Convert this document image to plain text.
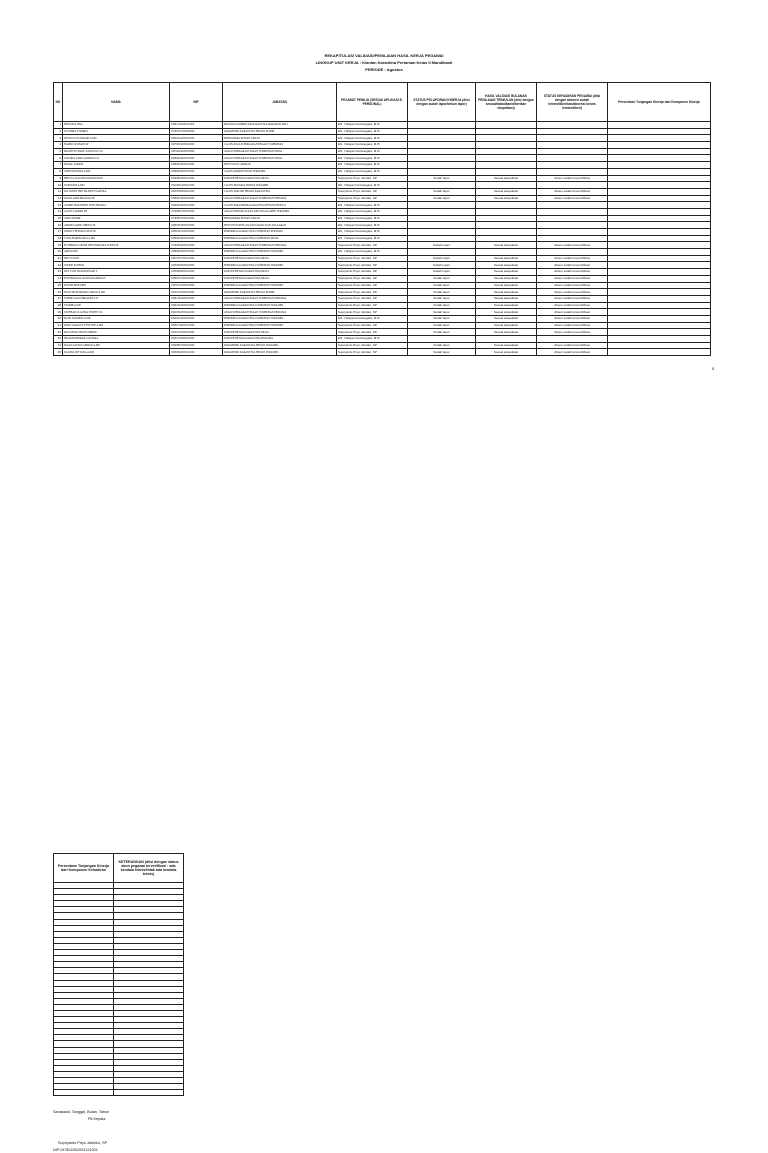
REKAPITULASI VALIDASI/PENILAIAN HASIL KERJA PEGAWAI
LINGKUP UNIT KERJA : Klanian Karantina Pertanian Kelas II Mandikasti
PERIODE : Agustus
NO	NAMA	NIP	JABATAN	PEJABAT PENILAI (SESUAI APLIKASI E-PERSONAL)	STATUS PELAPORAN KINERJA (diisi dengan sudah lapor/belum lapor)	HASIL VALIDASI BULANAN PENILAIAN TRIWULAN (diisi dengan sesuai/diabaikan/diberikan ekspektasi)	STATUS KEHADIRAN PEGAWAI (diisi dengan absensi sudah lemen/diberikan/absensi belum lemen/diberi)	Persentase Tunjangan Kinerja dari Komponen Kinerja
1	HEFANDA SINA	198011232005011000	PRANATA SUMBER DAYA MANUSIA APARATUR AHLI	EN. I Wayan Kertanegara, M.Pi				
2	SUCIHRIA SYAHRIA	197903172005042000	PARAMEDIK KARANTINA HEWAN MAHIR	EN. I Wayan Kertanegara, M.Pi				
3	RETNO WULANDARI A.MD	198205242005012000	BENDAHARA PENGELUARAN	EN. I Wayan Kertanegara, M.Pi				
4	HAMID ZULHADI SP	198708232005010000	CALON ANALIS PERKARANTINAAN TUMBUHAN	EN. I Wayan Kertanegara, M.Pi				
5	PRASETYO BAYU SANTOSO S.Si	198706242005010000	ANALIS PERKARANTINAAN TUMBUHAN MUDA	EN. I Wayan Kertanegara, M.Pi				
6	SANTRIA LOBA SAMOTA S.Si	198806242005012000	ANALIS PERKARANTINAAN TUMBUHAN MUDA	EN. I Wayan Kertanegara, M.Pi				
7	FAISAL SARJON	198809232005010000	PENYUSUN LAPORAN	EN. I Wayan Kertanegara, M.Pi				
8	ADHI WINARTO A.MD	199006042005010000	CALON ADMINISTRASI TERAMPIL	EN. I Wayan Kertanegara, M.Pi				
9	BEKTI A. KASTINA HANDAYANI	199008042005012000	DOKTER HEWAN KARANTINA MUDA	Supriyanto Priyo Jatmiko, SP	Sudah lapor	Sesuai ekspektasi	Absen sudah lemen/dibuat	
10	NURYANTI A.MD	199106012005012000	CALON PRANATA HUMAS TERAMPIL	EN. I Wayan Kertanegara, M.Pi				
11	Drh. RINDY PRITHA DEWI SARTIKA	199305082005012000	CALON DOKTER HEWAN KARANTINA	Supriyanto Priyo Jatmiko, SP	Sudah lapor	Sesuai ekspektasi	Absen sudah lemen/dibuat	
12	DIANA AMIE PRASOJA SP	199408152005012000	ANALIS PERKARANTINAAN TUMBUHAN PERTAMA	Supriyanto Priyo Jatmiko, SP	Sudah lapor	Sesuai ekspektasi	Absen sudah lemen/dibuat	
13	ANDRE MAKTRENE TEFIS BEGIRA	199408232005010000	CALON PARAMEDIK KARANTINA HEWAN PEMULA	EN. I Wayan Kertanegara, M.Pi				
14	AGUSTI AKBAR SH	197408012005010000	ANALIS PENGELOLAAN KEUANGAN APBN TERAMPIL	EN. I Wayan Kertanegara, M.Pi				
15	AHAN KEMIR	197808072005010000	BENDAHARA PENGELUARAN	EN. I Wayan Kertanegara, M.Pi				
16	AMRIN SAMIK TIRENO SE	198003032005010000	PENYUSUN RENCANA KEGIATAN DAN ANGGARAN	EN. I Wayan Kertanegara, M.Pi				
17	JOHAN TEUBAWU KEJP SP	198305012005010000	PEMERIKSA KARANTINA TUMBUHAN PERTAMA	EN. I Wayan Kertanegara, M.Pi				
18	YONA HARDILISDA A.MD	198409232005010000	PEMERIKSA KARANTINA TUMBUHAN MUDA	EN. I Wayan Kertanegara, M.Pi				
19	PUTHERIA LAKSMI DEWI PARAMA SURYA SP	197603042005010000	ANALIS PERKARANTINAAN TUMBUHAN PERTAMA	Supriyanto Priyo Jatmiko, SP	Sudah Lapor	Sesuai ekspektasi	Absen sudah lemen/dibuat	
20	ARSYATSIN	198608042005010000	PEMERIKSA KARANTINA TUMBUHAN TERAMPIL	EN. I Wayan Kertanegara, M.Pi				
21	BIK YULIATI	198107072005012000	DOKTER HEWAN KARANTINA MUDA	Supriyanto Priyo Jatmiko, SP	Sudah Lapor	Sesuai ekspektasi	Absen sudah lemen/dibuat	
22	SOFINE KUNDIN	198308062005010000	PEMERIKSA KARANTINA TUMBUHAN TERAMPIL	Supriyanto Priyo Jatmiko, SP	Sudah Lapor	Sesuai ekspektasi	Absen sudah lemen/dibuat	
23	HUS YUNI HASRIYANSAH S	198506082005012000	DOKTER HEWAN KARANTINA MUDA	Supriyanto Priyo Jatmiko, SP	Sudah Lapor	Sesuai ekspektasi	Absen sudah lemen/dibuat	
24	BOYNIKKOSA SIGITNAKAHARGIS	198403172005012000	DOKTER HEWAN KARANTINA MUDA	Supriyanto Priyo Jatmiko, SP	Sudah lapor	Sesuai ekspektasi	Absen sudah lemen/dibuat	
25	ROTASI BISKURDI	198705122005010000	PEMERIKSA KARANTINA TUMBUHAN TERAMPIL	Supriyanto Priyo Jatmiko, SP	Sudah lapor	Sesuai ekspektasi	Absen sudah lemen/dibuat	
26	HANY MUHAMMAD GERAD A.MD	198310022005010000	PARAMEDIK KARANTINA HEWAN MAHIR	Supriyanto Priyo Jatmiko, SP	Sudah lapor	Sesuai ekspektasi	Absen sudah lemen/dibuat	
27	SUBHR SAKTI HIDAYAH S.Si	198912052005010000	ANALIS PERKARANTINAAN TUMBUHAN PERTAMA	Supriyanto Priyo Jatmiko, SP	Sudah lapor	Sesuai ekspektasi	Absen sudah lemen/dibuat	
28	SYAHIB A.MD	199010042005010000	PEMERIKSA KARANTINA TUMBUHAN TERAMPIL	Supriyanto Priyo Jatmiko, SP	Sudah lapor	Sesuai ekspektasi	Absen sudah lemen/dibuat	
29	WIZHEAR CLAUDIA TEDHY S.Si	199105022005012000	ANALIS PERKARANTINAAN TUMBUHAN PERTAMA	Supriyanto Priyo Jatmiko, SP	Sudah lapor	Sesuai ekspektasi	Absen sudah lemen/dibuat	
30	HANS SANJIKIN A.MD	199205232005010000	PEMERIKSA KARANTINA TUMBUHAN TERAMPIL	EN. I Wayan Kertanegara, M.Pi	Sudah lapor	Sesuai ekspektasi	Absen sudah lemen/dibuat	
31	RIZKI SARASVA SYNTYNE A.MD	199307162005012000	PEMERIKSA KARANTINA TUMBUHAN TERAMPIL	Supriyanto Priyo Jatmiko, SP	Sudah lapor	Sesuai ekspektasi	Absen sudah lemen/dibuat	
32	MUZAFFAR SHAH SABIRIN	199307032005010000	DOKTER HEWAN KARANTINA MUDA	Supriyanto Priyo Jatmiko, SP	Sudah lapor	Sesuai ekspektasi	Absen sudah lemen/dibuat	
33	FIKAR BOHDRAB GUNTARA	199407302005010000	DOKTER HEWAN KARANTINA PERTAMA	EN. I Wayan Kertanegara, M.Pi				
34	INGAN ALFIAN AHMAD A.MD	199408072005010000	PARAMEDIK KARANTINA HEWAN TERAMPIL	Supriyanto Priyo Jatmiko, SP	Sudah lapor	Sesuai ekspektasi	Absen sudah lemen/dibuat	
35	RA IRNA SETYANA A.MD	199509022005012000	PARAMEDIK KARANTINA HEWAN TERAMPIL	Supriyanto Priyo Jatmiko, SP	Sudah lapor	Sesuai ekspektasi	Absen sudah lemen/dibuat	
5
Persentase Tunjangan Kinerja dari Komponen Kehadiran	KETERANGAN (diisi dengan status akun pegawai terverifikasi : ada kendala teknis/tidak ada kendala teknis)

Sanakasti, Tanggal, Bulan, Tahun
Plt.Kepala
Supriyanto Priyo Jatmiko, SP
NIP.197802262003121001
